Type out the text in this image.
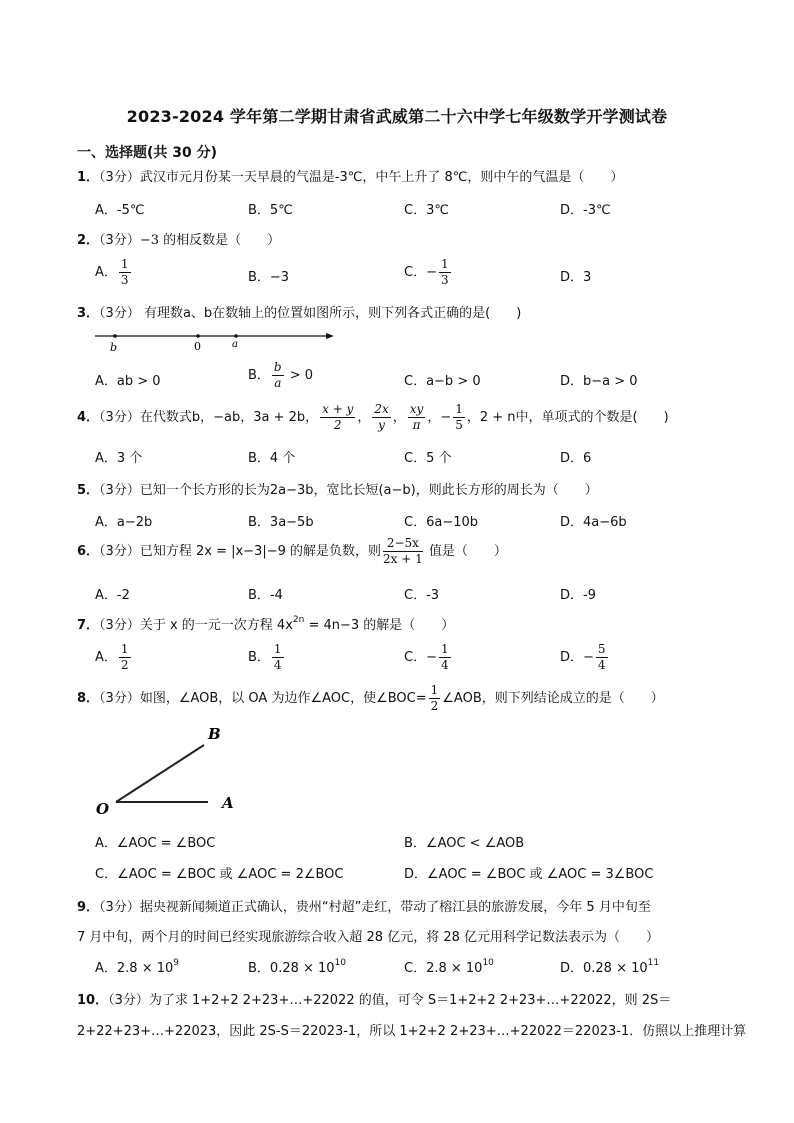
2023-2024 学年第二学期甘肃省武威第二十六中学七年级数学开学测试卷
一、选择题(共 30 分)
1．（3分）武汉市元月份某一天早晨的气温是-3℃，中午上升了 8℃，则中午的气温是（　　）
A．-5℃	B．5℃	C．3℃	D．-3℃
2．（3分）−3 的相反数是（　　）
A． $\frac{1}{3}$	B．−3	C．− $\frac{1}{3}$	D．3
3．（3分） 有理数a、b在数轴上的位置如图所示，则下列各式正确的是(　　)
b	0	a
A．ab > 0	B． $\frac{b}{a} > 0$	C．a−b > 0	D．b−a > 0
4．（3分）在代数式b，−ab，3a + 2b， $\frac{x + y}{2}$ ， $\frac{2x}{y}$ ， $\frac{xy}{\pi}$ ，− $\frac{1}{5}$ ，2 + n中，单项式的个数是(　　)
A．3 个	B．4 个	C．5 个	D．6
5．（3分）已知一个长方形的长为2a−3b，宽比长短(a−b)，则此长方形的周长为（　　）
A．a−2b	B．3a−5b	C．6a−10b	D．4a−6b
6．（3分）已知方程 2x = |x−3|−9 的解是负数，则 $\frac{2-5x}{2x + 1}$ 值是（　　）
A．-2	B．-4	C．-3	D．-9
7．（3分）关于 x 的一元一次方程 $4x^{2n} = 4n-3$ 的解是（　　）
A． $\frac{1}{2}$	B． $\frac{1}{4}$	C．− $\frac{1}{4}$	D．− $\frac{5}{4}$
8．（3分）如图，∠AOB，以 OA 为边作∠AOC，使∠BOC= $\frac{1}{2}$ ∠AOB，则下列结论成立的是（　　）
O	A
B
A．∠AOC = ∠BOC	B．∠AOC < ∠AOB
C．∠AOC = ∠BOC 或 ∠AOC = 2∠BOC	D．∠AOC = ∠BOC 或 ∠AOC = 3∠BOC
9．（3分）据央视新闻频道正式确认，贵州“村超”走红，带动了榕江县的旅游发展，今年 5 月中旬至
7 月中旬，两个月的时间已经实现旅游综合收入超 28 亿元，将 28 亿元用科学记数法表示为（　　）
A．$2.8 \times 10^9$	B．$0.28 \times 10^{10}$	C．$2.8 \times 10^{10}$	D．$0.28 \times 10^{11}$
10．（3分）为了求 1+2+2 2+23+…+22022 的值，可令 S＝1+2+2 2+23+…+22022，则 2S＝
2+22+23+…+22023，因此 2S-S＝22023-1，所以 1+2+2 2+23+…+22022＝22023-1．仿照以上推理计算
